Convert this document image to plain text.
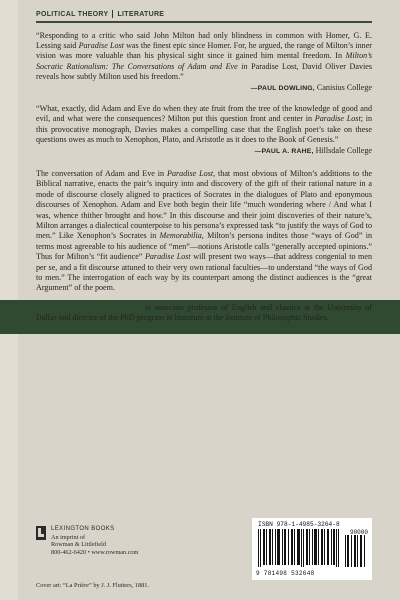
POLITICAL THEORY LITERATURE

“Responding to a critic who said John Milton had only blindness in common with Homer, G. E. Lessing said Paradise Lost was the finest epic since Homer. For, he argued, the range of Milton’s inner vision was more valuable than his physical sight since it gained him mental freedom. In Milton’s Socratic Rationalism: The Conversations of Adam and Eve in Paradise Lost, David Oliver Davies reveals how subtly Milton used his freedom.”

—PAUL DOWLING, Canisius College

“What, exactly, did Adam and Eve do when they ate fruit from the tree of the knowledge of good and evil, and what were the consequences? Milton put this question front and center in Paradise Lost; in this provocative monograph, Davies makes a compelling case that the English poet’s take on these questions owes as much to Xenophon, Plato, and Aristotle as it does to the Book of Genesis.”

—PAUL A. RAHE, Hillsdale College

The conversation of Adam and Eve in Paradise Lost, that most obvious of Milton’s additions to the Biblical narrative, enacts the pair’s inquiry into and discovery of the gift of their rational nature in a mode of discourse closely aligned to practices of Socrates in the dialogues of Plato and eponymous discourses of Xenophon. Adam and Eve both begin their life “much wondering where / And what I was, whence thither brought and how.” In this discourse and their joint discoveries of their nature’s, Milton arranges a dialectical counterpoise to his persona’s expressed task “to justify the ways of God to men.” Like Xenophon’s Socrates in Memorabilia, Milton’s persona indites those “ways of God” in terms most agreeable to his audience of “men”—notions Aristotle calls “generally accepted opinions.” Thus for Milton’s “fit audience” Paradise Lost will present two ways—that address congenial to men per se, and a fit discourse attuned to their very own rational faculties—to understand “the ways of God to men.” The interrogation of each way by its counterpart among the distinct audiences is the “great Argument” of the poem.

DAVID OLIVER DAVIES is associate professor of English and classics at the University of Dallas and director of the PhD program in literature at the Institute of Philosophic Studies.

LEXINGTON BOOKS
An imprint of
Rowman & Littlefield
800-462-6420 • www.rowman.com
ISBN 978-1-4985-3264-8
90000
9 781498 532648
Cover art: “La Prière” by J. J. Flutters, 1881.
